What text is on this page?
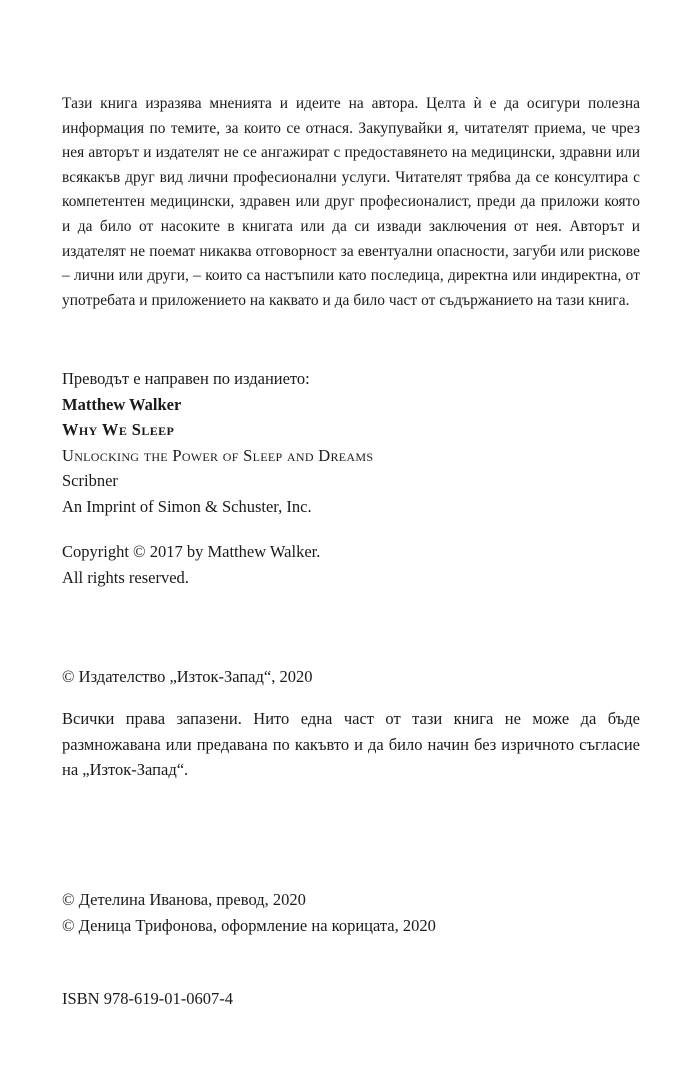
Тази книга изразява мненията и идеите на автора. Целта ѝ е да осигури полезна информация по темите, за които се отнася. Закупувайки я, читателят приема, че чрез нея авторът и издателят не се ангажират с предоставянето на медицински, здравни или всякакъв друг вид лични професионални услуги. Читателят трябва да се консултира с компетентен медицински, здравен или друг професионалист, преди да приложи която и да било от насоките в книгата или да си извади заключения от нея. Авторът и издателят не поемат никаква отговорност за евентуални опасности, загуби или рискове – лични или други, – които са настъпили като последица, директна или индиректна, от употребата и приложението на каквато и да било част от съдържанието на тази книга.

Преводът е направен по изданието:
Matthew Walker
Why We Sleep
Unlocking the Power of Sleep and Dreams
Scribner
An Imprint of Simon & Schuster, Inc.
Copyright © 2017 by Matthew Walker.
All rights reserved.
© Издателство „Изток-Запад“, 2020

Всички права запазени. Нито една част от тази книга не може да бъде размножавана или предавана по какъвто и да било начин без изричното съгласие на „Изток-Запад“.

© Детелина Иванова, превод, 2020
© Деница Трифонова, оформление на корицата, 2020
ISBN 978-619-01-0607-4
